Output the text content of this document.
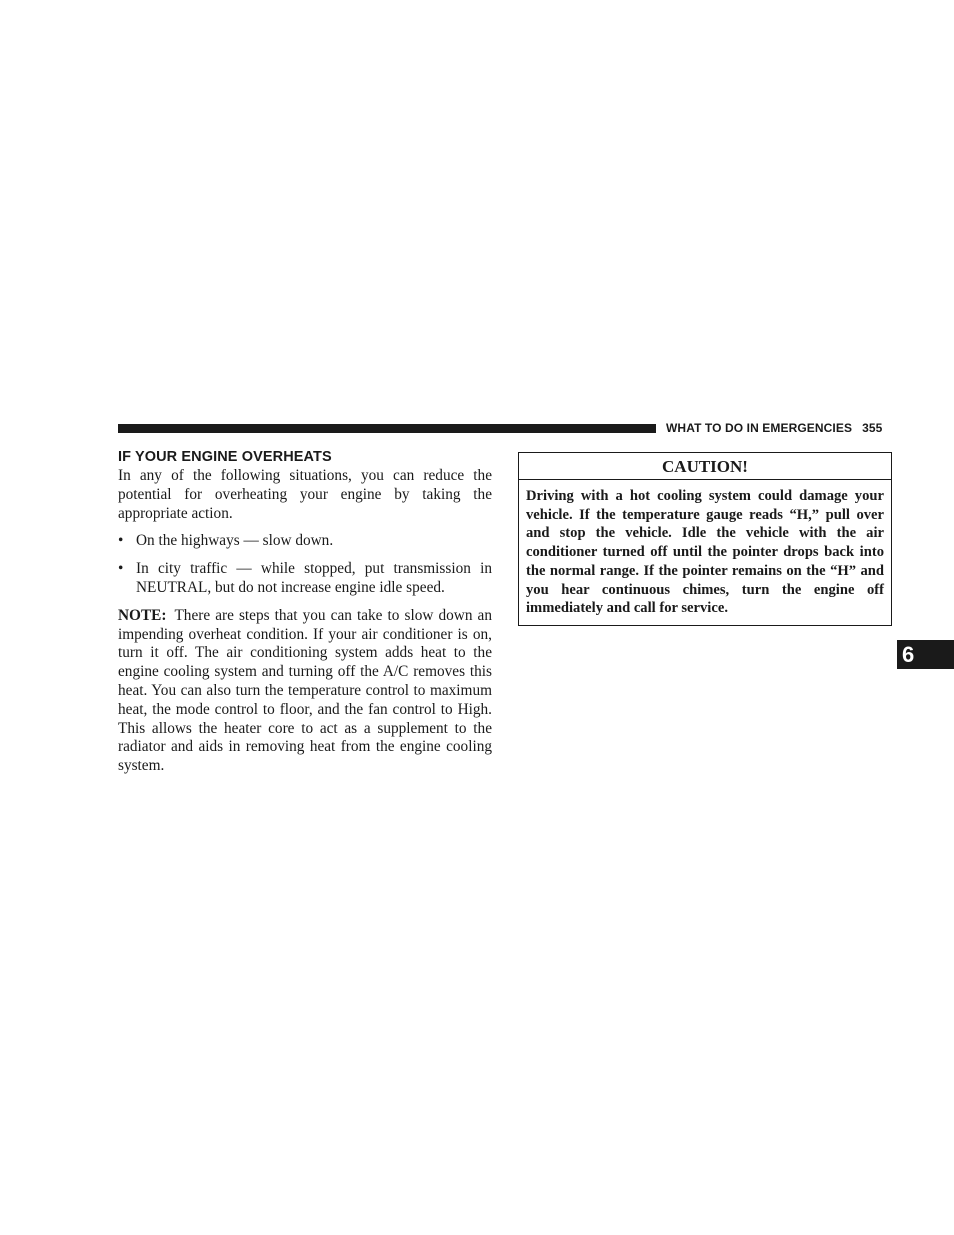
WHAT TO DO IN EMERGENCIES 355
IF YOUR ENGINE OVERHEATS

In any of the following situations, you can reduce the potential for overheating your engine by taking the appropriate action.

• On the highways — slow down.
• In city traffic — while stopped, put transmission in NEUTRAL, but do not increase engine idle speed.

NOTE: There are steps that you can take to slow down an impending overheat condition. If your air conditioner is on, turn it off. The air conditioning system adds heat to the engine cooling system and turning off the A/C removes this heat. You can also turn the temperature control to maximum heat, the mode control to floor, and the fan control to High. This allows the heater core to act as a supplement to the radiator and aids in removing heat from the engine cooling system.

CAUTION!
Driving with a hot cooling system could damage your vehicle. If the temperature gauge reads “H,” pull over and stop the vehicle. Idle the vehicle with the air conditioner turned off until the pointer drops back into the normal range. If the pointer remains on the “H” and you hear continuous chimes, turn the engine off immediately and call for service.
6
